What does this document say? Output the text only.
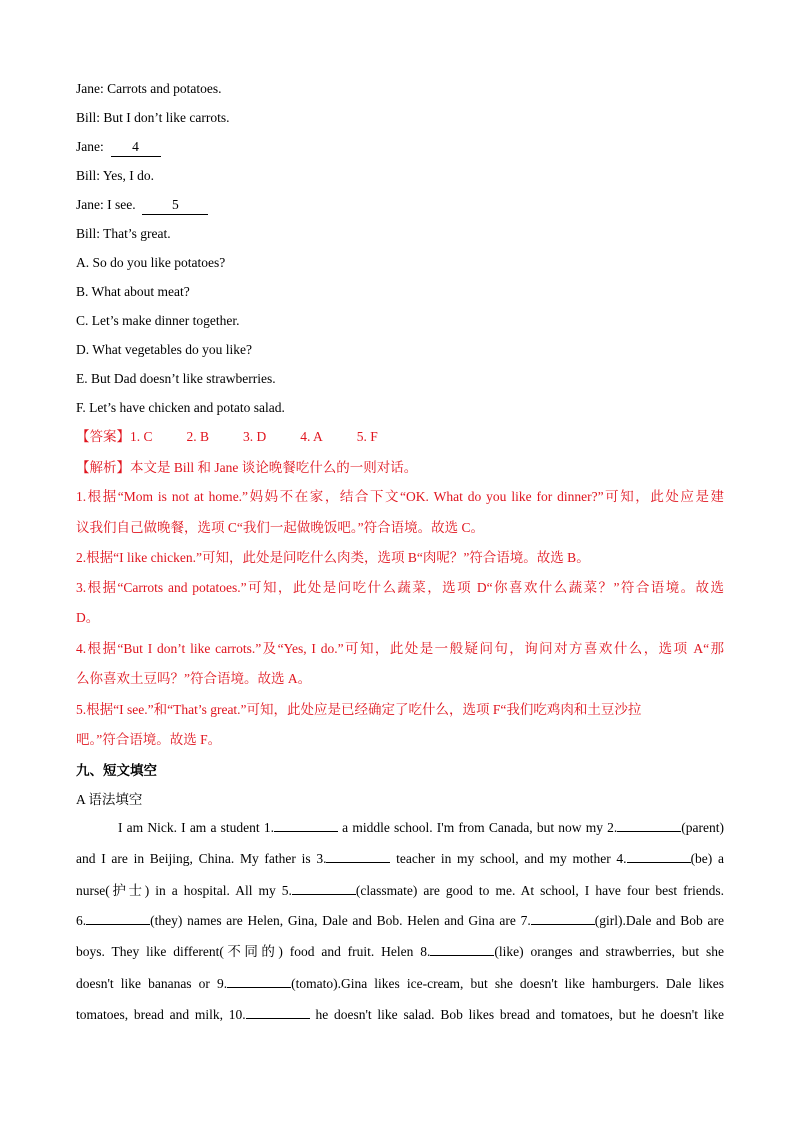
Jane: Carrots and potatoes.
Bill: But I don’t like carrots.
Jane: 4
Bill: Yes, I do.
Jane: I see.	5
Bill: That’s great.
A. So do you like potatoes?
B. What about meat?
C. Let’s make dinner together.
D. What vegetables do you like?
E. But Dad doesn’t like strawberries.
F. Let’s have chicken and potato salad.
【答案】1. C	2. B	3. D	4. A	5. F
【解析】本文是 Bill 和 Jane 谈论晚餐吃什么的一则对话。
1.根据“Mom is not at home.”妈妈不在家，结合下文“OK. What do you like for dinner?”可知，此处应是建
议我们自己做晚餐，选项 C“我们一起做晚饭吧。”符合语境。故选 C。
2.根据“I like chicken.”可知，此处是问吃什么肉类，选项 B“肉呢？”符合语境。故选 B。
3.根据“Carrots and potatoes.”可知，此处是问吃什么蔬菜，选项 D“你喜欢什么蔬菜？”符合语境。故选
D。
4.根据“But I don’t like carrots.”及“Yes, I do.”可知，此处是一般疑问句，询问对方喜欢什么，选项 A“那
么你喜欢土豆吗？”符合语境。故选 A。
5.根据“I see.”和“That’s great.”可知，此处应是已经确定了吃什么，选项 F“我们吃鸡肉和土豆沙拉
吧。”符合语境。故选 F。
九、短文填空
A 语法填空
I am Nick. I am a student 1.	a middle school. I'm from Canada, but now my 2.	(parent)
and I are in Beijing, China. My father is 3.	teacher in my school, and my mother 4.	(be) a
nurse(护士) in a hospital. All my 5.	(classmate) are good to me. At school, I have four best friends.
6.	(they) names are Helen, Gina, Dale and Bob. Helen and Gina are 7.	(girl).Dale and Bob are
boys. They like different(不同的) food and fruit. Helen 8.	(like) oranges and strawberries, but she
doesn't like bananas or 9.	(tomato).Gina likes ice-cream, but she doesn't like hamburgers. Dale likes
tomatoes, bread and milk, 10.	he doesn't like salad. Bob likes bread and tomatoes, but he doesn't like
